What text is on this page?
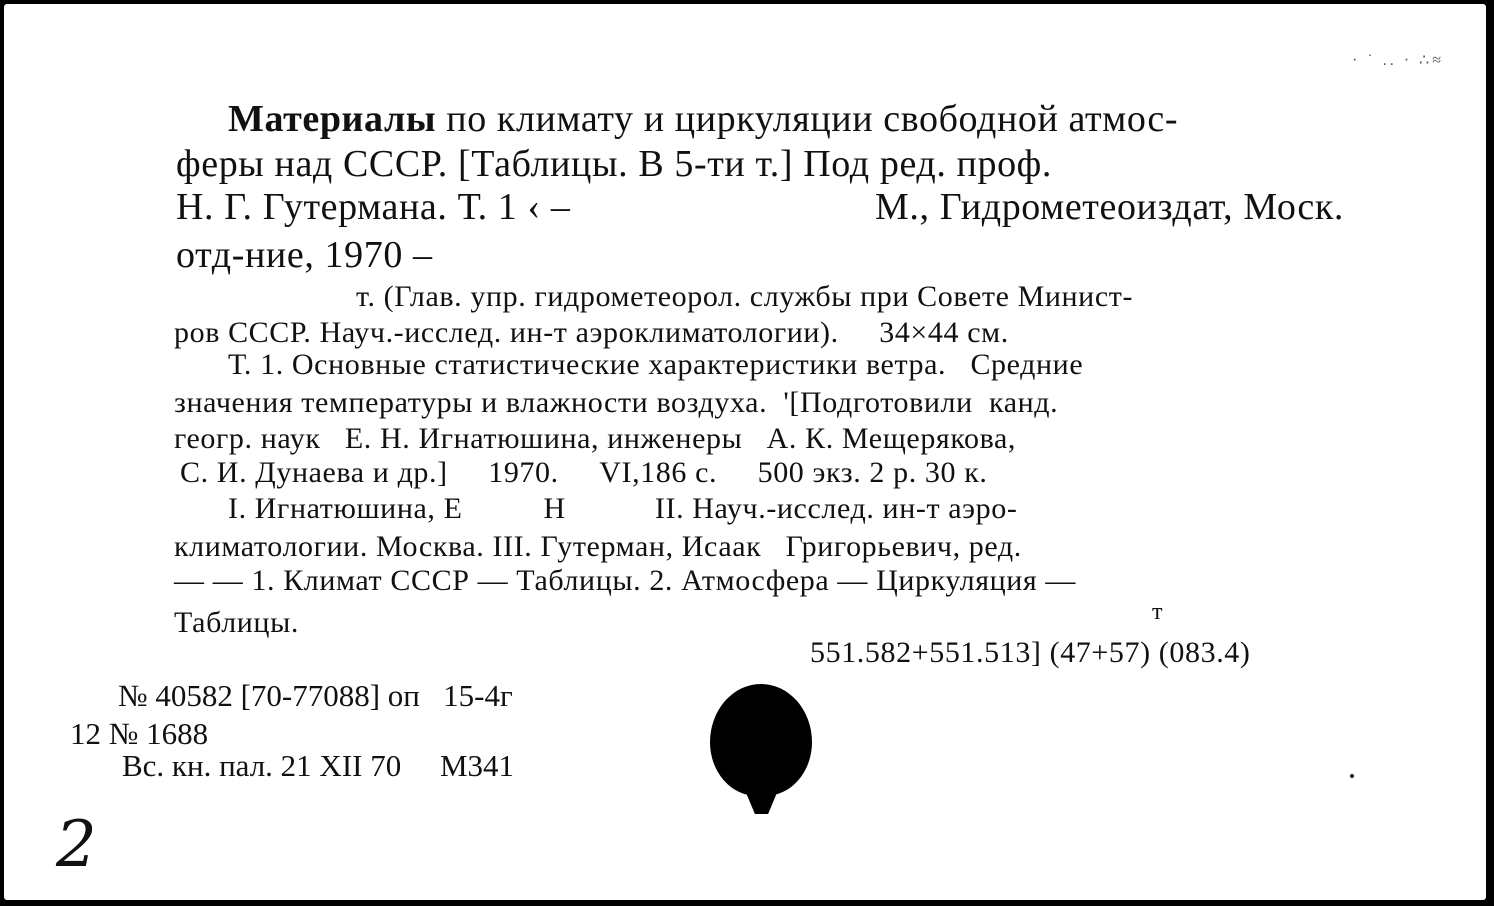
· ˙ .. · ∴≈
Материалы по климату и циркуляции свободной атмос-
феры над СССР. [Таблицы. В 5-ти т.] Под ред. проф.
Н. Г. Гутермана. Т. 1 ‹ –	М., Гидрометеоиздат, Моск.
отд-ние, 1970 –
т. (Глав. упр. гидрометеорол. службы при Совете Минист-
ров СССР. Науч.-исслед. ин-т аэроклиматологии).     34×44 см.
Т. 1. Основные статистические характеристики ветра.   Средние
значения температуры и влажности воздуха.  '[Подготовили  канд.
геогр. наук   Е. Н. Игнатюшина, инженеры   А. К. Мещерякова,
С. И. Дунаева и др.]     1970.     VI,186 с.     500 экз. 2 р. 30 к.
I. Игнатюшина, Е          Н           II. Науч.-исслед. ин-т аэро-
климатологии. Москва. III. Гутерман, Исаак   Григорьевич, ред.
— — 1. Климат СССР — Таблицы. 2. Атмосфера — Циркуляция —
Таблицы.	т
551.582+551.513] (47+57) (083.4)
№ 40582 [70-77088] оп   15-4г
12 № 1688
Вс. кн. пал. 21 XII 70     М341
2
